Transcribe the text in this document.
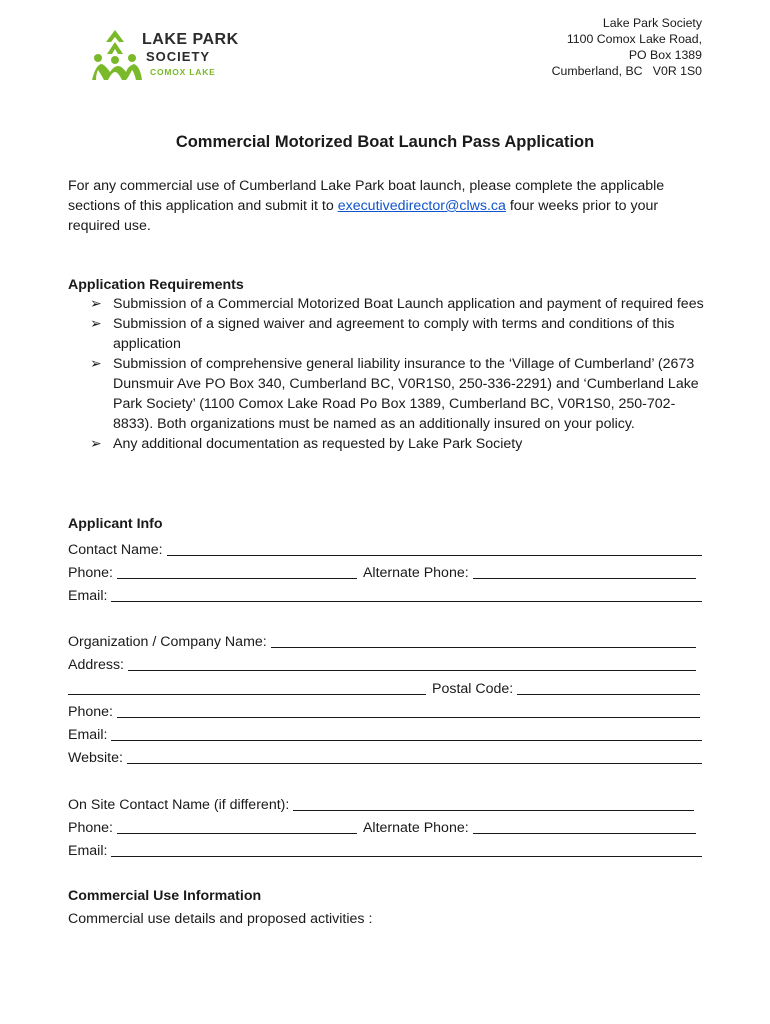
LAKE PARK
SOCIETY
COMOX LAKE
Lake Park Society
1100 Comox Lake Road,
PO Box 1389
Cumberland, BC   V0R 1S0
Commercial Motorized Boat Launch Pass Application
For any commercial use of Cumberland Lake Park boat launch, please complete the applicable sections of this application and submit it to executivedirector@clws.ca four weeks prior to your required use.
Application Requirements
➢ Submission of a Commercial Motorized Boat Launch application and payment of required fees
➢ Submission of a signed waiver and agreement to comply with terms and conditions of this application
➢ Submission of comprehensive general liability insurance to the ‘Village of Cumberland’ (2673 Dunsmuir Ave PO Box 340, Cumberland BC, V0R1S0, 250-336-2291) and ‘Cumberland Lake Park Society’ (1100 Comox Lake Road Po Box 1389, Cumberland BC, V0R1S0, 250-702-8833). Both organizations must be named as an additionally insured on your policy.
➢ Any additional documentation as requested by Lake Park Society
Applicant Info
Contact Name:
Phone:	Alternate Phone:
Email:
Organization / Company Name:
Address:
Postal Code:
Phone:
Email:
Website:
On Site Contact Name (if different):
Phone:	Alternate Phone:
Email:
Commercial Use Information
Commercial use details and proposed activities :
